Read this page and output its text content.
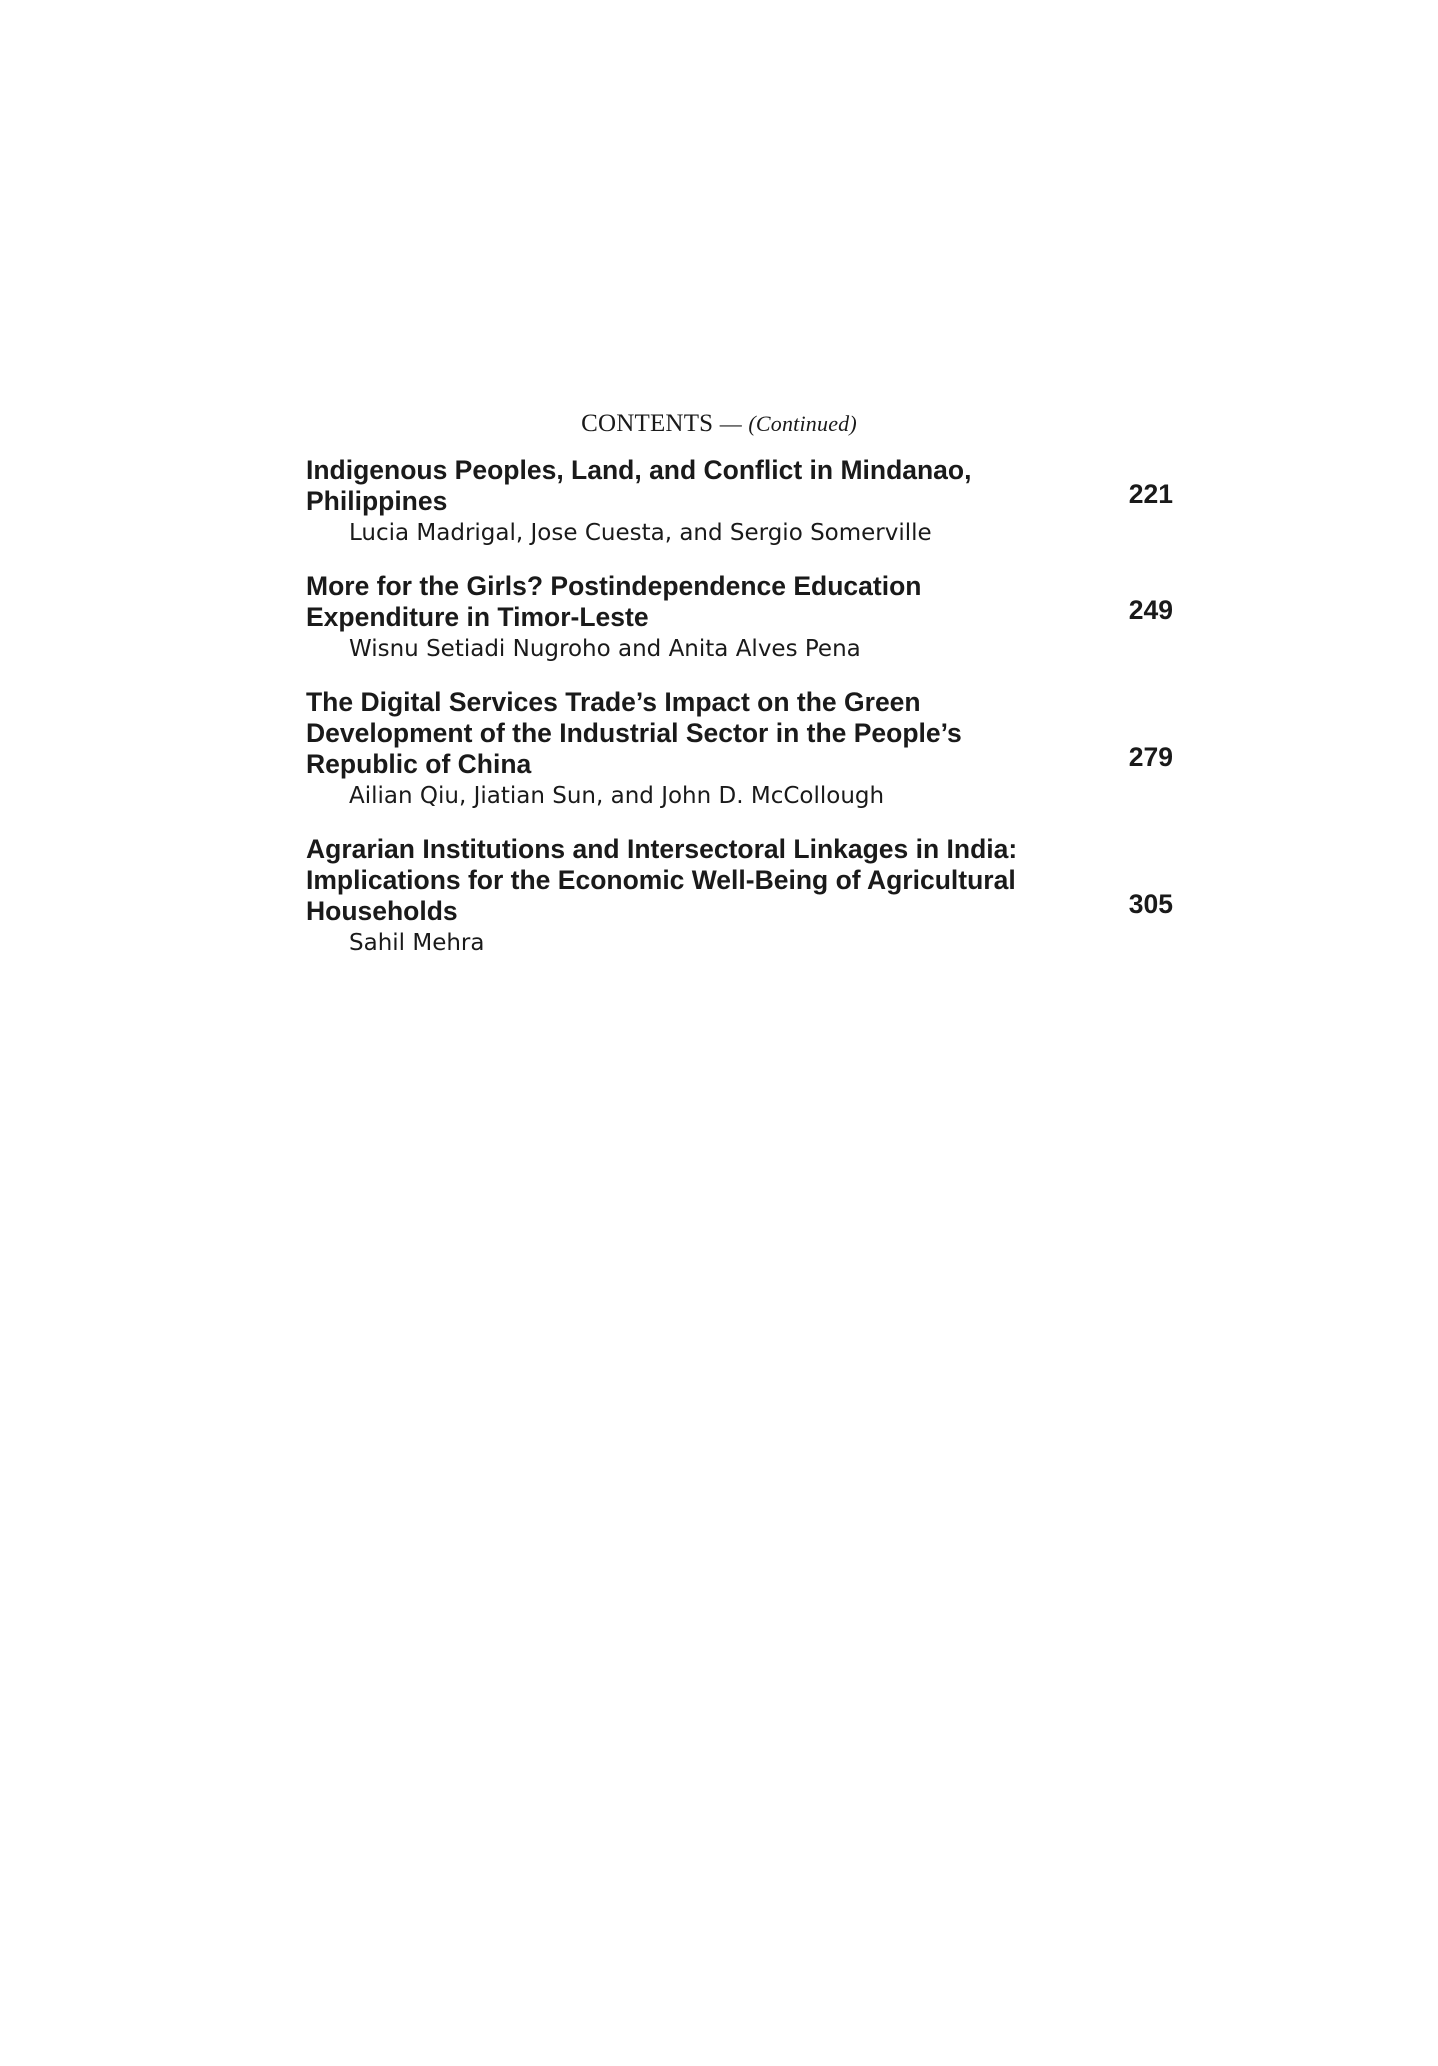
CONTENTS — (Continued)
Indigenous Peoples, Land, and Conflict in Mindanao,
Philippines
Lucia Madrigal, Jose Cuesta, and Sergio Somerville
221
More for the Girls? Postindependence Education
Expenditure in Timor-Leste
Wisnu Setiadi Nugroho and Anita Alves Pena
249
The Digital Services Trade’s Impact on the Green
Development of the Industrial Sector in the People’s
Republic of China
Ailian Qiu, Jiatian Sun, and John D. McCollough
279
Agrarian Institutions and Intersectoral Linkages in India:
Implications for the Economic Well-Being of Agricultural
Households
Sahil Mehra
305
